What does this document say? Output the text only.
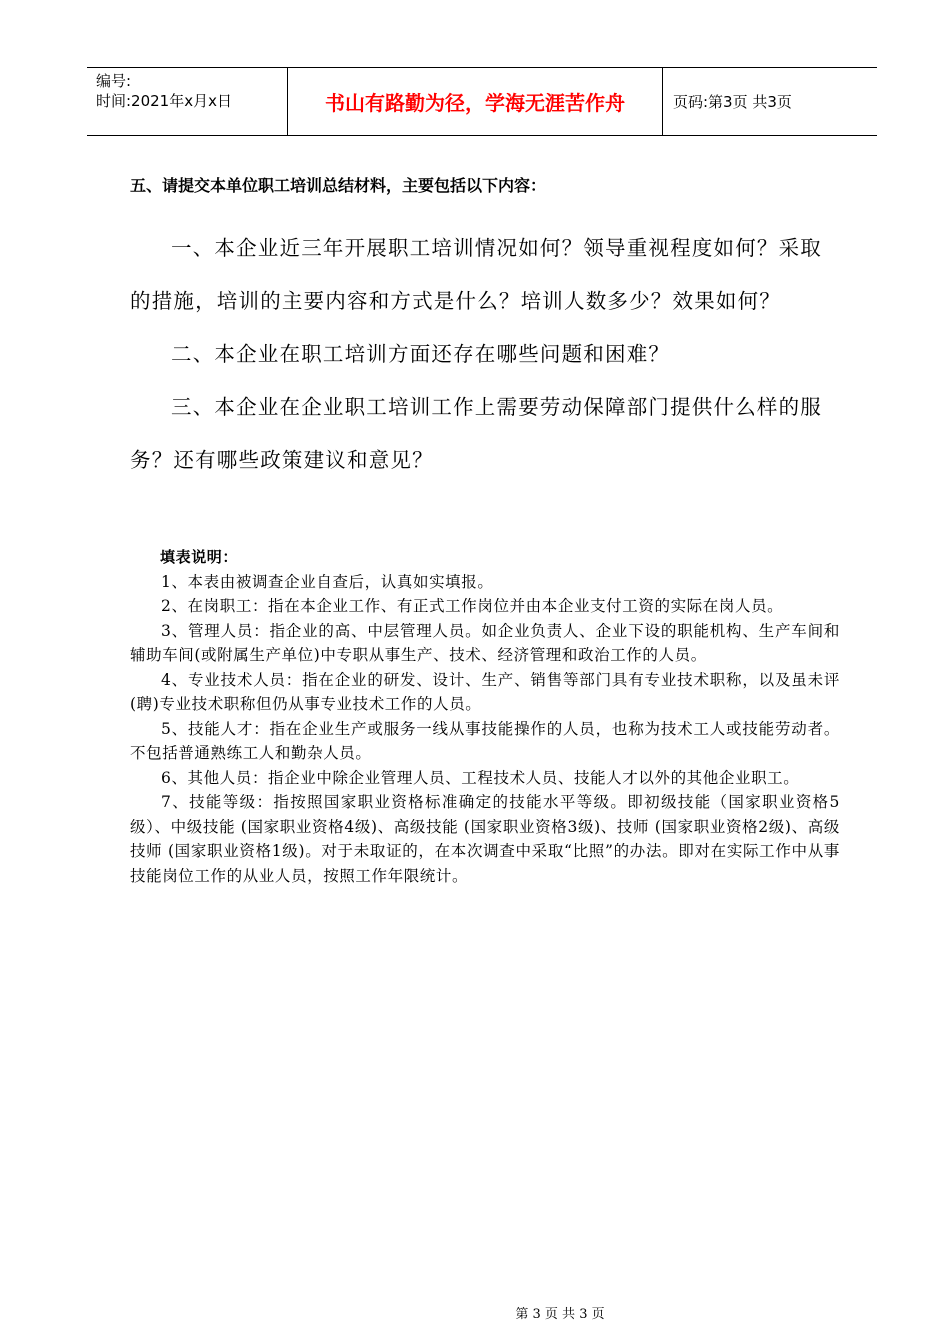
编号:
时间:2021年x月x日	书山有路勤为径，学海无涯苦作舟	页码:第3页 共3页
五、请提交本单位职工培训总结材料，主要包括以下内容：

一、本企业近三年开展职工培训情况如何？领导重视程度如何？采取的措施，培训的主要内容和方式是什么？培训人数多少？效果如何？

二、本企业在职工培训方面还存在哪些问题和困难？

三、本企业在企业职工培训工作上需要劳动保障部门提供什么样的服务？还有哪些政策建议和意见？

填表说明：

1、本表由被调查企业自查后，认真如实填报。

2、在岗职工：指在本企业工作、有正式工作岗位并由本企业支付工资的实际在岗人员。

3、管理人员：指企业的高、中层管理人员。如企业负责人、企业下设的职能机构、生产车间和辅助车间(或附属生产单位)中专职从事生产、技术、经济管理和政治工作的人员。

4、专业技术人员：指在企业的研发、设计、生产、销售等部门具有专业技术职称，以及虽未评(聘)专业技术职称但仍从事专业技术工作的人员。

5、技能人才：指在企业生产或服务一线从事技能操作的人员，也称为技术工人或技能劳动者。不包括普通熟练工人和勤杂人员。

6、其他人员：指企业中除企业管理人员、工程技术人员、技能人才以外的其他企业职工。

7、技能等级：指按照国家职业资格标准确定的技能水平等级。即初级技能（国家职业资格5级）、中级技能 (国家职业资格4级)、高级技能 (国家职业资格3级)、技师 (国家职业资格2级)、高级技师 (国家职业资格1级)。对于未取证的，在本次调查中采取“比照”的办法。即对在实际工作中从事技能岗位工作的从业人员，按照工作年限统计。

第 3 页 共 3 页
